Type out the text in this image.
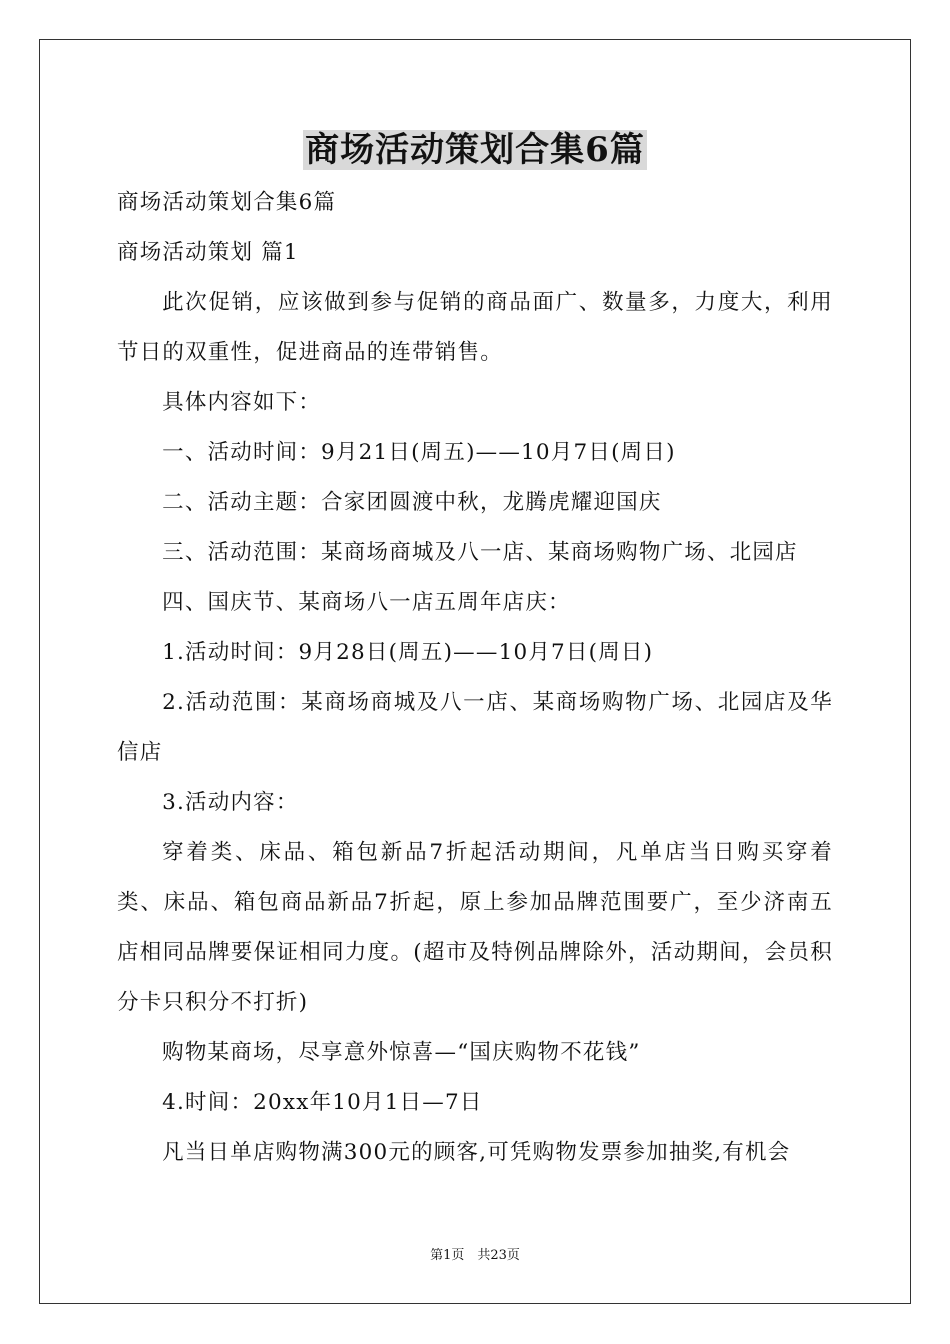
商场活动策划合集6篇

商场活动策划合集6篇

商场活动策划 篇1

此次促销，应该做到参与促销的商品面广、数量多，力度大，利用节日的双重性，促进商品的连带销售。

具体内容如下：

一、活动时间：9月21日(周五)——10月7日(周日)

二、活动主题：合家团圆渡中秋，龙腾虎耀迎国庆

三、活动范围：某商场商城及八一店、某商场购物广场、北园店

四、国庆节、某商场八一店五周年店庆：

1.活动时间：9月28日(周五)——10月7日(周日)

2.活动范围：某商场商城及八一店、某商场购物广场、北园店及华信店

3.活动内容：

穿着类、床品、箱包新品7折起活动期间，凡单店当日购买穿着类、床品、箱包商品新品7折起，原上参加品牌范围要广，至少济南五店相同品牌要保证相同力度。(超市及特例品牌除外，活动期间，会员积分卡只积分不打折)

购物某商场，尽享意外惊喜—“国庆购物不花钱”

4.时间：20xx年10月1日—7日

凡当日单店购物满300元的顾客,可凭购物发票参加抽奖,有机会

第1页　共23页
